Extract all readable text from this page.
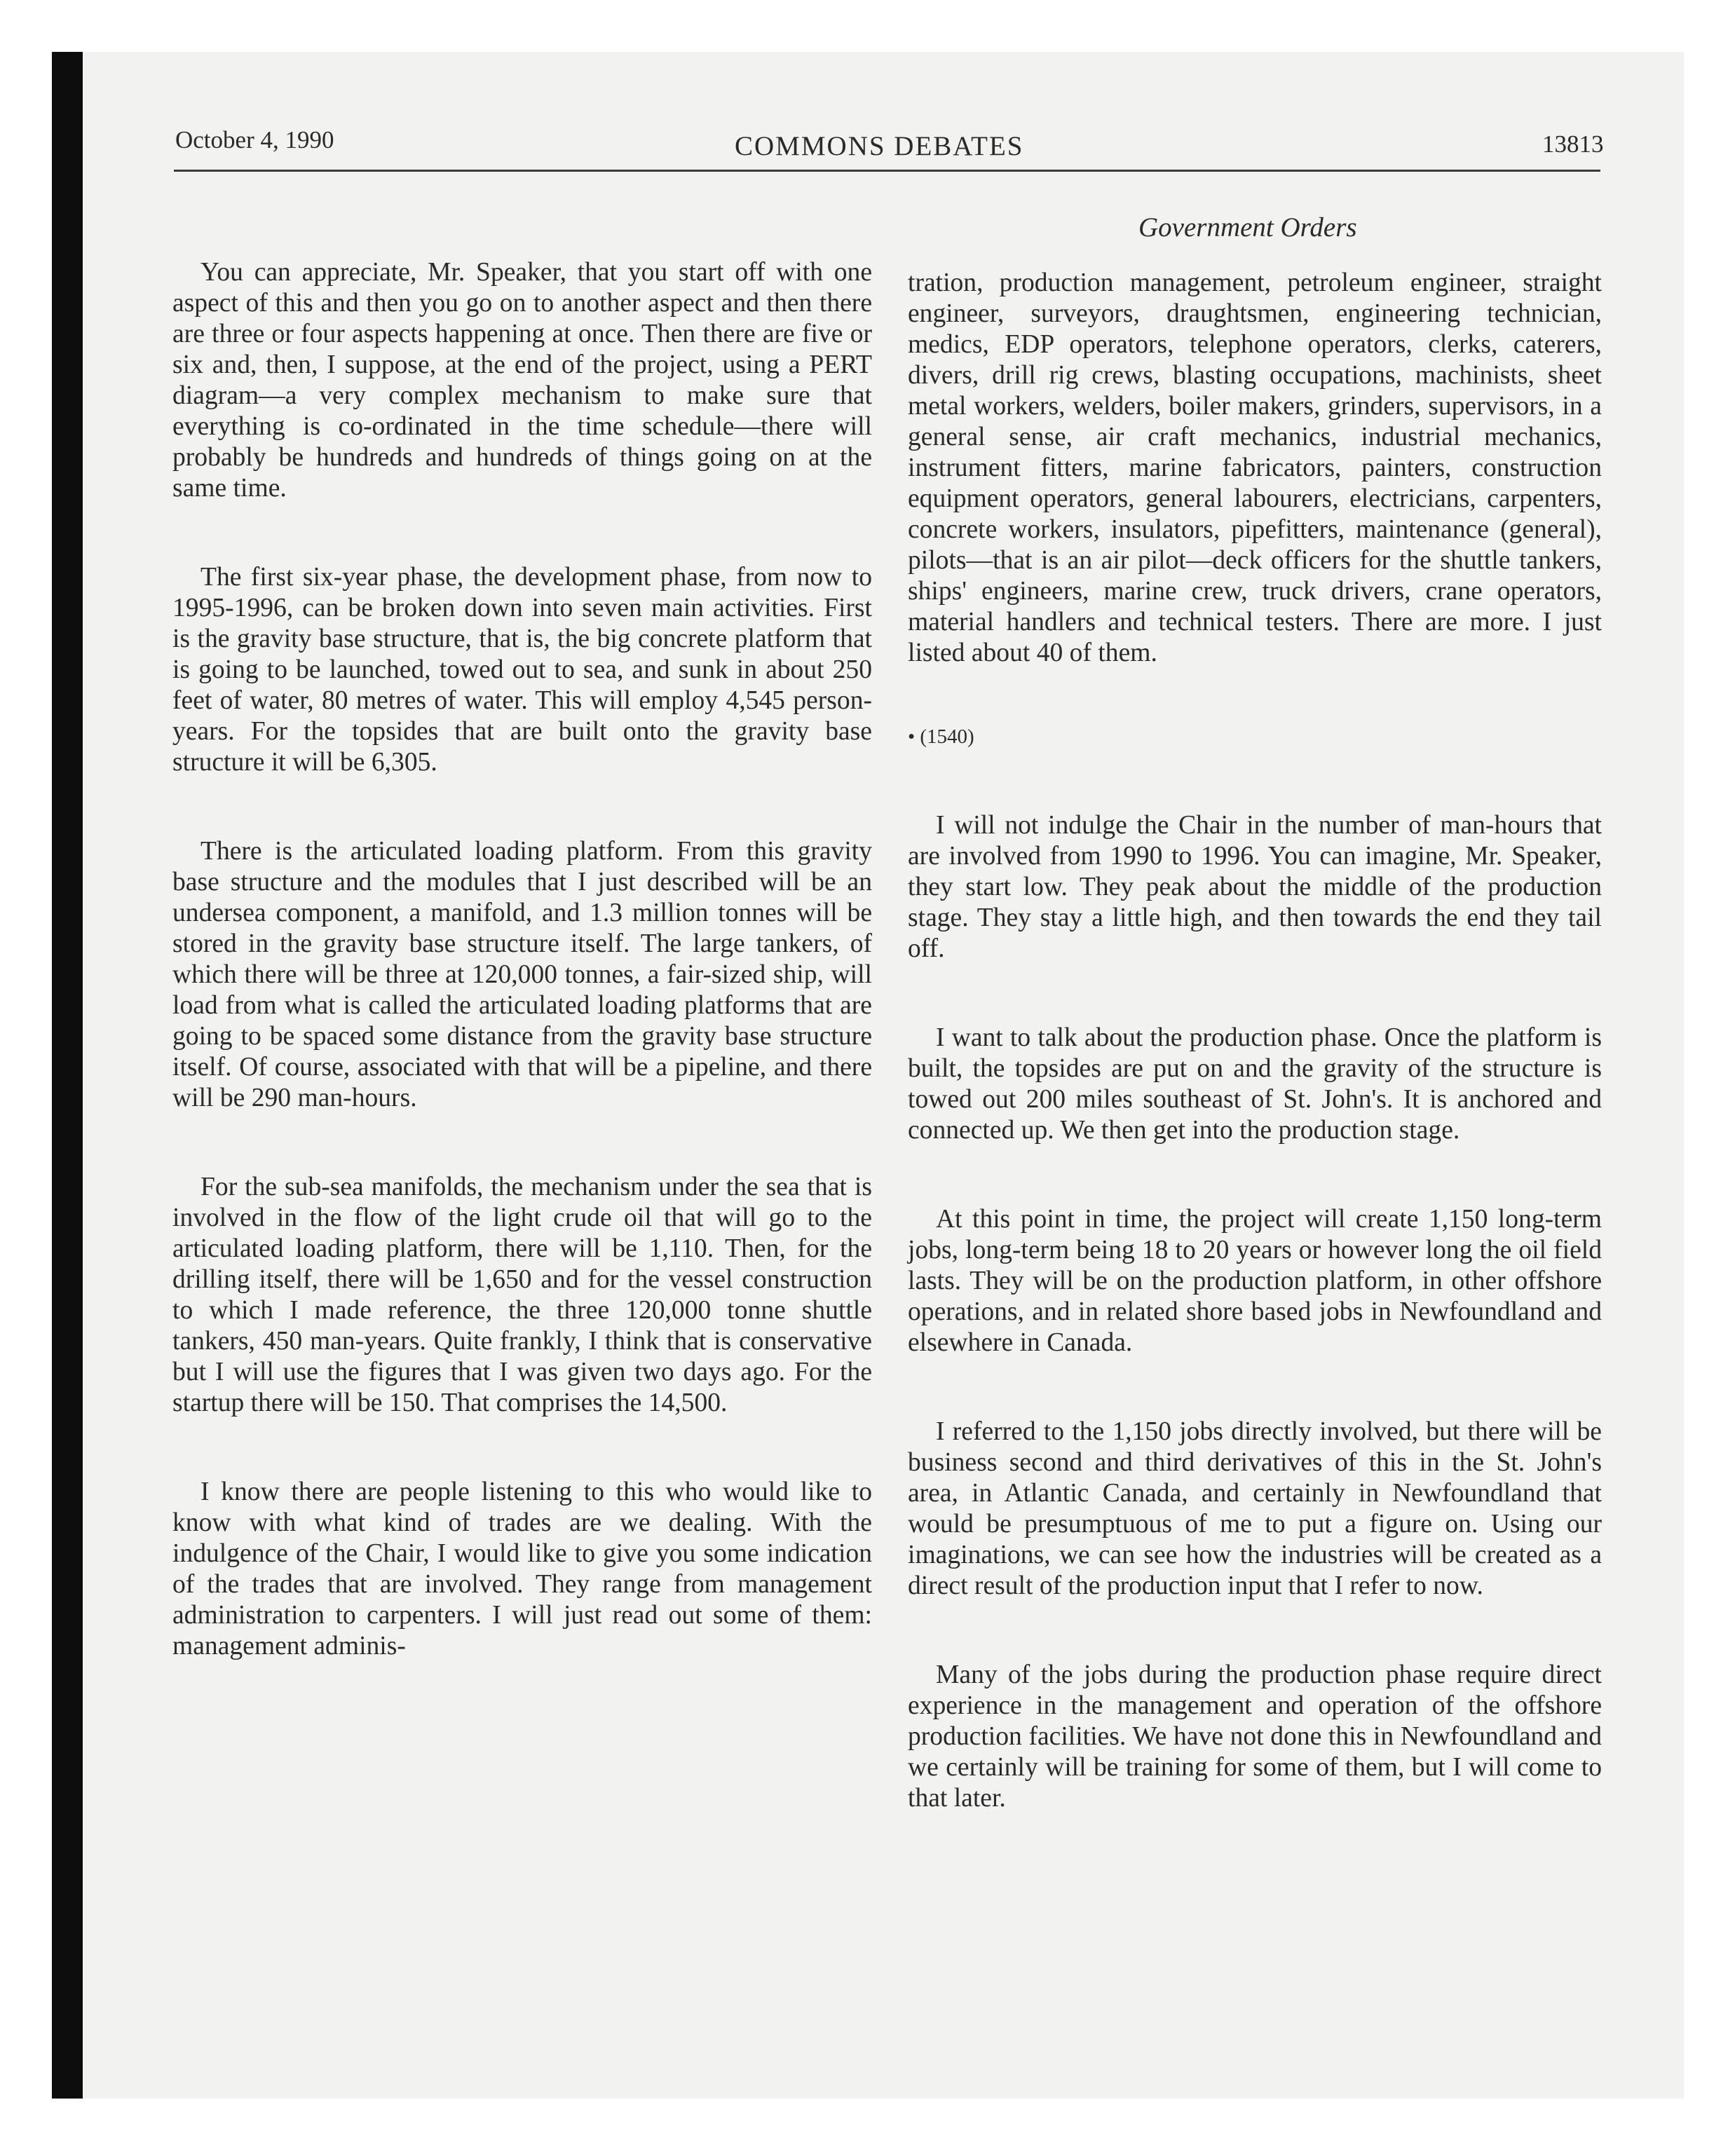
October 4, 1990	COMMONS DEBATES	13813
Government Orders

You can appreciate, Mr. Speaker, that you start off with one aspect of this and then you go on to another aspect and then there are three or four aspects happening at once. Then there are five or six and, then, I suppose, at the end of the project, using a PERT diagram—a very complex mechanism to make sure that everything is co-ordinated in the time schedule—there will probably be hundreds and hundreds of things going on at the same time.

The first six-year phase, the development phase, from now to 1995-1996, can be broken down into seven main activities. First is the gravity base structure, that is, the big concrete platform that is going to be launched, towed out to sea, and sunk in about 250 feet of water, 80 metres of water. This will employ 4,545 person-years. For the topsides that are built onto the gravity base structure it will be 6,305.

There is the articulated loading platform. From this gravity base structure and the modules that I just described will be an undersea component, a manifold, and 1.3 million tonnes will be stored in the gravity base structure itself. The large tankers, of which there will be three at 120,000 tonnes, a fair-sized ship, will load from what is called the articulated loading platforms that are going to be spaced some distance from the gravity base structure itself. Of course, associated with that will be a pipeline, and there will be 290 man-hours.

For the sub-sea manifolds, the mechanism under the sea that is involved in the flow of the light crude oil that will go to the articulated loading platform, there will be 1,110. Then, for the drilling itself, there will be 1,650 and for the vessel construction to which I made reference, the three 120,000 tonne shuttle tankers, 450 man-years. Quite frankly, I think that is conservative but I will use the figures that I was given two days ago. For the startup there will be 150. That comprises the 14,500.

I know there are people listening to this who would like to know with what kind of trades are we dealing. With the indulgence of the Chair, I would like to give you some indication of the trades that are involved. They range from management administration to carpenters. I will just read out some of them: management adminis-

tration, production management, petroleum engineer, straight engineer, surveyors, draughtsmen, engineering technician, medics, EDP operators, telephone operators, clerks, caterers, divers, drill rig crews, blasting occupations, machinists, sheet metal workers, welders, boiler makers, grinders, supervisors, in a general sense, air craft mechanics, industrial mechanics, instrument fitters, marine fabricators, painters, construction equipment operators, general labourers, electricians, carpenters, concrete workers, insulators, pipefitters, maintenance (general), pilots—that is an air pilot—deck officers for the shuttle tankers, ships' engineers, marine crew, truck drivers, crane operators, material handlers and technical testers. There are more. I just listed about 40 of them.

• (1540)

I will not indulge the Chair in the number of man-hours that are involved from 1990 to 1996. You can imagine, Mr. Speaker, they start low. They peak about the middle of the production stage. They stay a little high, and then towards the end they tail off.

I want to talk about the production phase. Once the platform is built, the topsides are put on and the gravity of the structure is towed out 200 miles southeast of St. John's. It is anchored and connected up. We then get into the production stage.

At this point in time, the project will create 1,150 long-term jobs, long-term being 18 to 20 years or however long the oil field lasts. They will be on the production platform, in other offshore operations, and in related shore based jobs in Newfoundland and elsewhere in Canada.

I referred to the 1,150 jobs directly involved, but there will be business second and third derivatives of this in the St. John's area, in Atlantic Canada, and certainly in Newfoundland that would be presumptuous of me to put a figure on. Using our imaginations, we can see how the industries will be created as a direct result of the production input that I refer to now.

Many of the jobs during the production phase require direct experience in the management and operation of the offshore production facilities. We have not done this in Newfoundland and we certainly will be training for some of them, but I will come to that later.
